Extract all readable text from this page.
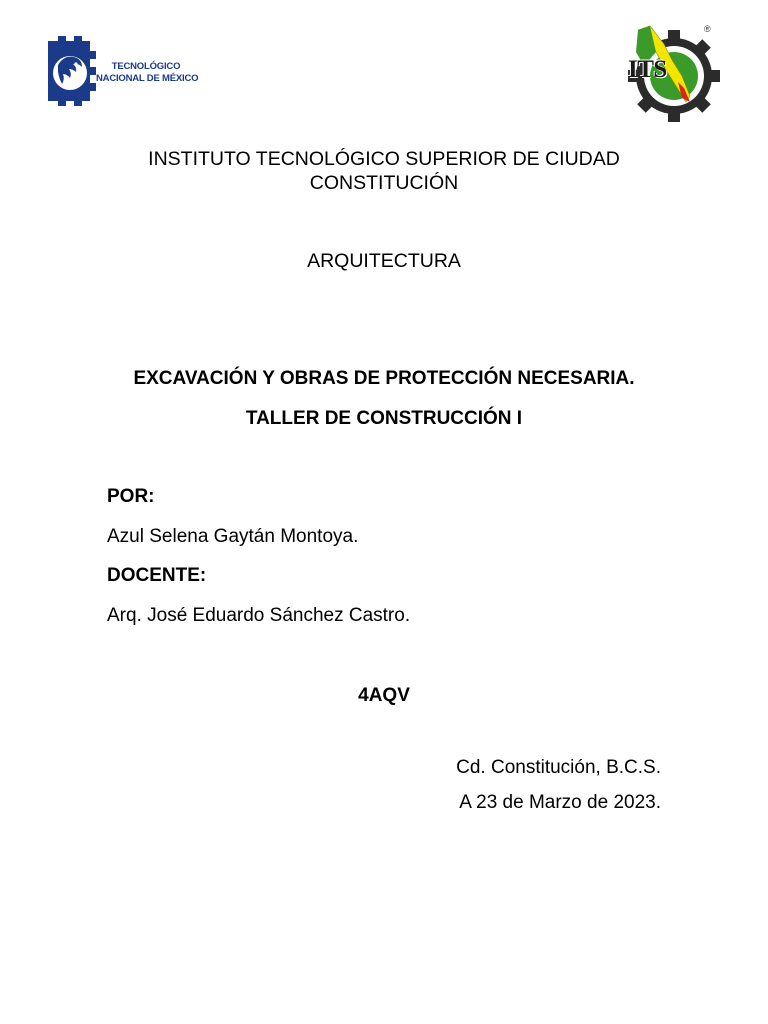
TECNOLÓGICO
NACIONAL DE MÉXICO	ITS
®
INSTITUTO TECNOLÓGICO SUPERIOR DE CIUDAD
CONSTITUCIÓN
ARQUITECTURA
EXCAVACIÓN Y OBRAS DE PROTECCIÓN NECESARIA.
TALLER DE CONSTRUCCIÓN I
POR:
Azul Selena Gaytán Montoya.
DOCENTE:
Arq. José Eduardo Sánchez Castro.
4AQV
Cd. Constitución, B.C.S.
A 23 de Marzo de 2023.
